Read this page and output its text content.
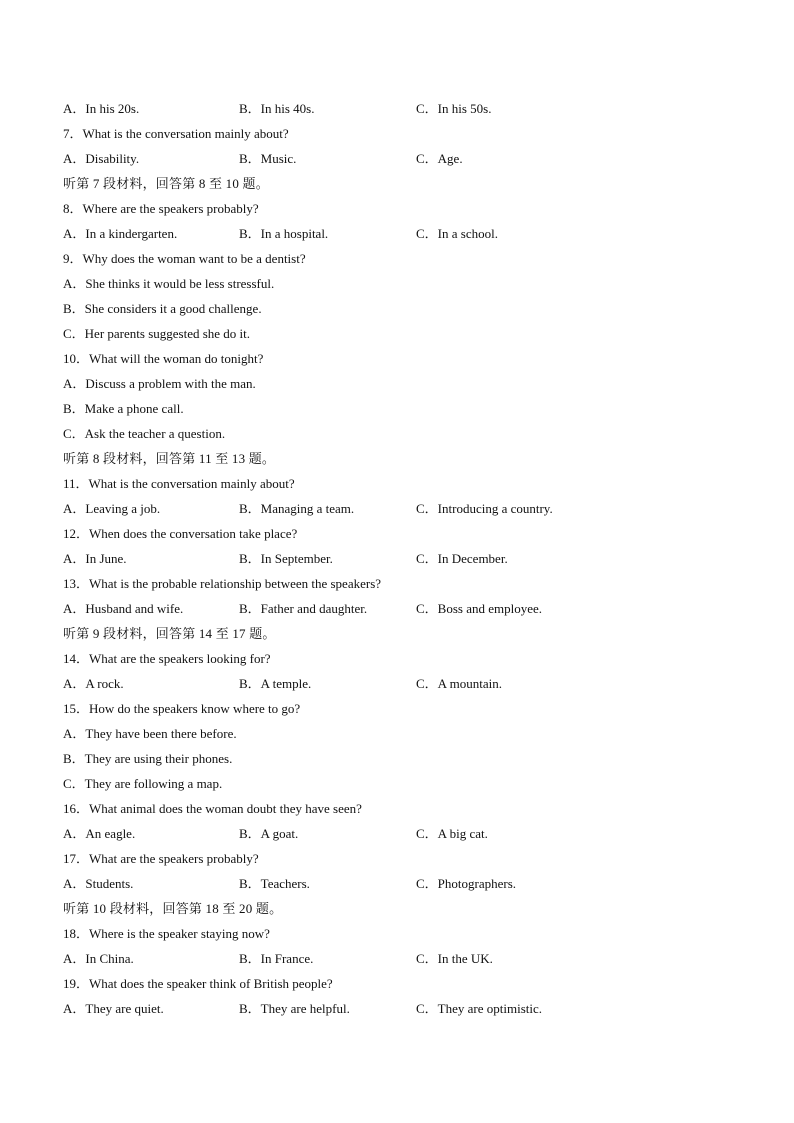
A．In his 20s.	B．In his 40s.	C．In his 50s.
7．What is the conversation mainly about?
A．Disability.	B．Music.	C．Age.
听第 7 段材料，回答第 8 至 10 题。
8．Where are the speakers probably?
A．In a kindergarten.	B．In a hospital.	C．In a school.
9．Why does the woman want to be a dentist?
A．She thinks it would be less stressful.
B．She considers it a good challenge.
C．Her parents suggested she do it.
10．What will the woman do tonight?
A．Discuss a problem with the man.
B．Make a phone call.
C．Ask the teacher a question.
听第 8 段材料，回答第 11 至 13 题。
11．What is the conversation mainly about?
A．Leaving a job.	B．Managing a team.	C．Introducing a country.
12．When does the conversation take place?
A．In June.	B．In September.	C．In December.
13．What is the probable relationship between the speakers?
A．Husband and wife.	B．Father and daughter.	C．Boss and employee.
听第 9 段材料，回答第 14 至 17 题。
14．What are the speakers looking for?
A．A rock.	B．A temple.	C．A mountain.
15．How do the speakers know where to go?
A．They have been there before.
B．They are using their phones.
C．They are following a map.
16．What animal does the woman doubt they have seen?
A．An eagle.	B．A goat.	C．A big cat.
17．What are the speakers probably?
A．Students.	B．Teachers.	C．Photographers.
听第 10 段材料，回答第 18 至 20 题。
18．Where is the speaker staying now?
A．In China.	B．In France.	C．In the UK.
19．What does the speaker think of British people?
A．They are quiet.	B．They are helpful.	C．They are optimistic.
